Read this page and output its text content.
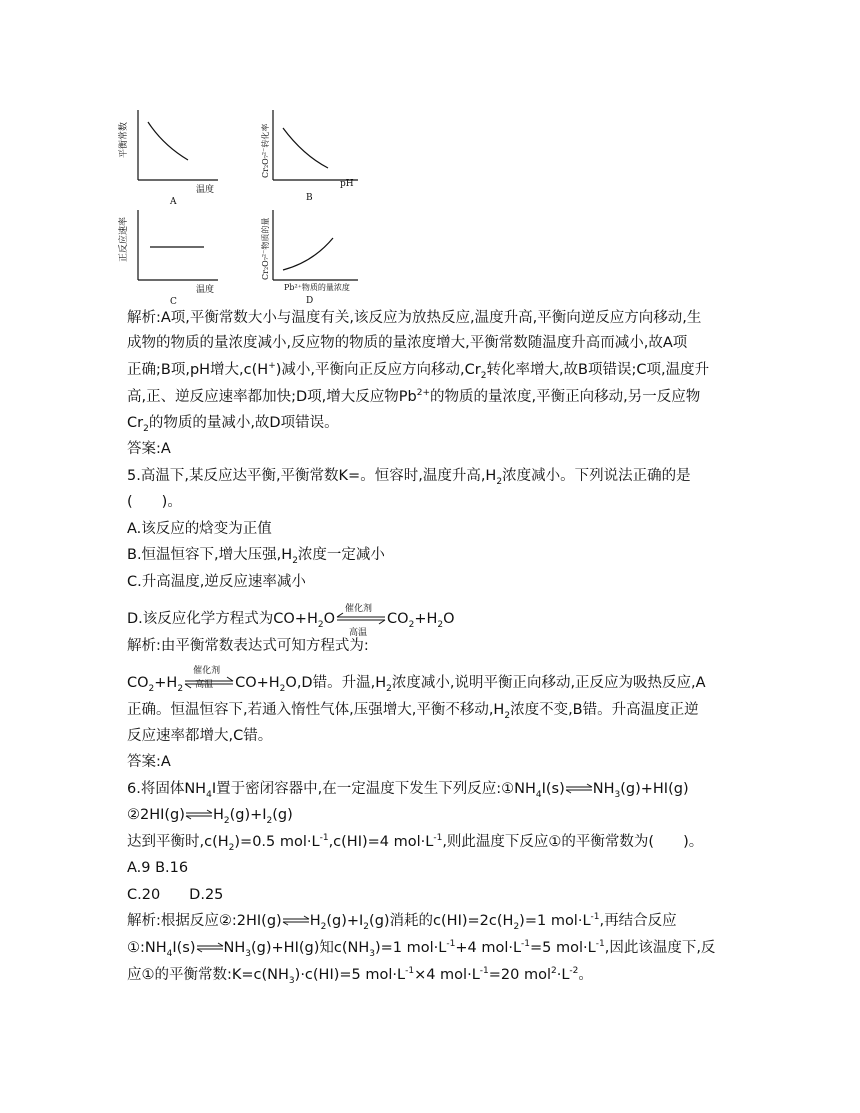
平衡常数
温度
A
Cr₂O₇²⁻转化率
pH
B
正反应速率
温度
C
Cr₂O₇²⁻物质的量
Pb²⁺物质的量浓度
D
解析:A项,平衡常数大小与温度有关,该反应为放热反应,温度升高,平衡向逆反应方向移动,生
成物的物质的量浓度减小,反应物的物质的量浓度增大,平衡常数随温度升高而减小,故A项
正确;B项,pH增大,c(H+)减小,平衡向正反应方向移动$,Cr_2$转化率增大,故B项错误;C项,温度升
高,正、逆反应速率都加快;D项,增大反应物$Pb^{2+}$的物质的量浓度,平衡正向移动,另一反应物
$Cr_2$的物质的量减小,故D项错误。
答案:A
5.高温下,某反应达平衡,平衡常数K=。恒容时,温度升高$,H_2$浓度减小。下列说法正确的是
(　　)。
A.该反应的焓变为正值
B.恒温恒容下,增大压强$,H_2$浓度一定减小
C.升高温度,逆反应速率减小
D.该反应化学方程式为$CO+H_2O$
催化剂
高温
$CO_2+H_2O$
解析:由平衡常数表达式可知方程式为:
$CO_2+H_2$
催化剂
高温 $CO+H_2O,D$错。升温$,H_2$浓度减小,说明平衡正向移动,正反应为吸热反应,A
正确。恒温恒容下,若通入惰性气体,压强增大,平衡不移动$,H_2$浓度不变,B错。升高温度正逆
反应速率都增大,C错。
答案:A
6.将固体$NH_4I$置于密闭容器中,在一定温度下发生下列反应$:①NH_4I(s)\rightleftharpoons NH_3(g)+HI(g)$
$②2HI(g)\rightleftharpoons H_2(g)+I_2(g)$
达到平衡时$,c(H_2)=0.5$ $mol\cdot L^{-1},c(HI)=4$ $mol\cdot L^{-1}$,则此温度下反应①的平衡常数为(　　)。
A.9 B.16
C.20　　D.25
解析:根据反应$②:2HI(g)\rightleftharpoons H_2(g)+I_2(g)$消耗的$c(HI)=2c(H_2)=1$ $mol\cdot L^{-1}$,再结合反应
$①:NH_4I(s)\rightleftharpoons NH_3(g)+HI(g)$知$c(NH_3)=1$ $mol\cdot L^{-1}+4$ $mol\cdot L^{-1}=5$ $mol\cdot L^{-1}$,因此该温度下,反
应①的平衡常数$:K=c(NH_3)\cdot c(HI)=5$ $mol\cdot L^{-1}\times 4$ $mol\cdot L^{-1}=20$ $mol^2\cdot L^{-2}$。
